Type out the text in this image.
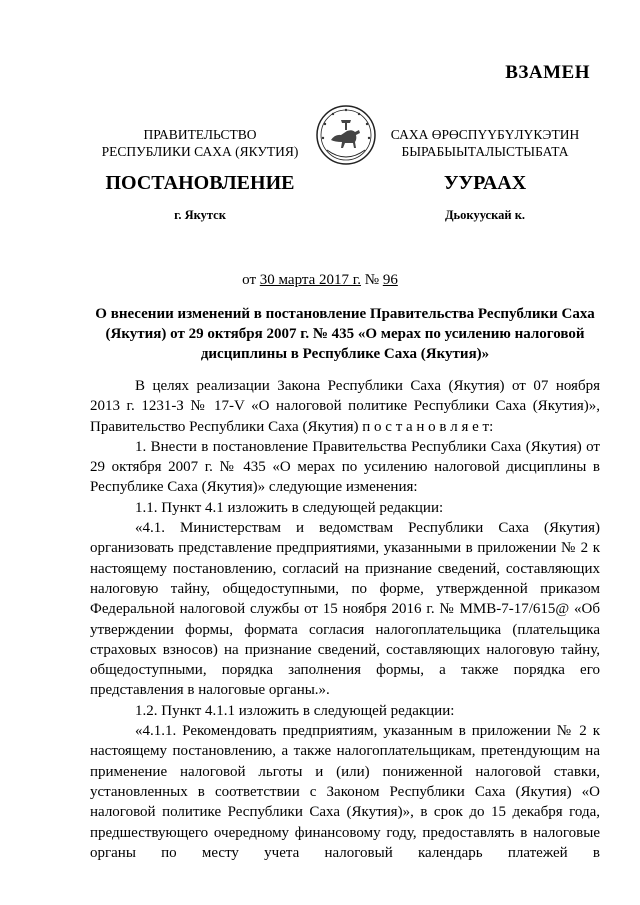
ВЗАМЕН
ПРАВИТЕЛЬСТВО
РЕСПУБЛИКИ САХА (ЯКУТИЯ)
САХА ӨРӨСПҮҮБҮЛҮКЭТИН
БЫРАБЫЫТАЛЫСТЫБАТА
ПОСТАНОВЛЕНИЕ	УУРААХ
г. Якутск	Дьокуускай к.
от 30 марта 2017 г. № 96
О внесении изменений в постановление Правительства Республики Саха (Якутия) от 29 октября 2007 г. № 435 «О мерах по усилению налоговой дисциплины в Республике Саха (Якутия)»

В целях реализации Закона Республики Саха (Якутия) от 07 ноября 2013 г. 1231-З № 17-V «О налоговой политике Республики Саха (Якутия)», Правительство Республики Саха (Якутия) п о с т а н о в л я е т:

1. Внести в постановление Правительства Республики Саха (Якутия) от 29 октября 2007 г. № 435 «О мерах по усилению налоговой дисциплины в Республике Саха (Якутия)» следующие изменения:

1.1. Пункт 4.1 изложить в следующей редакции:

«4.1. Министерствам и ведомствам Республики Саха (Якутия) организовать представление предприятиями, указанными в приложении № 2 к настоящему постановлению, согласий на признание сведений, составляющих налоговую тайну, общедоступными, по форме, утвержденной приказом Федеральной налоговой службы от 15 ноября 2016 г. № ММВ-7-17/615@ «Об утверждении формы, формата согласия налогоплательщика (плательщика страховых взносов) на признание сведений, составляющих налоговую тайну, общедоступными, порядка заполнения формы, а также порядка его представления в налоговые органы.».

1.2. Пункт 4.1.1 изложить в следующей редакции:

«4.1.1. Рекомендовать предприятиям, указанным в приложении № 2 к настоящему постановлению, а также налогоплательщикам, претендующим на применение налоговой льготы и (или) пониженной налоговой ставки, установленных в соответствии с Законом Республики Саха (Якутия) «О налоговой политике Республики Саха (Якутия)», в срок до 15 декабря года, предшествующего очередному финансовому году, предоставлять в налоговые органы по месту учета налоговый календарь платежей в
